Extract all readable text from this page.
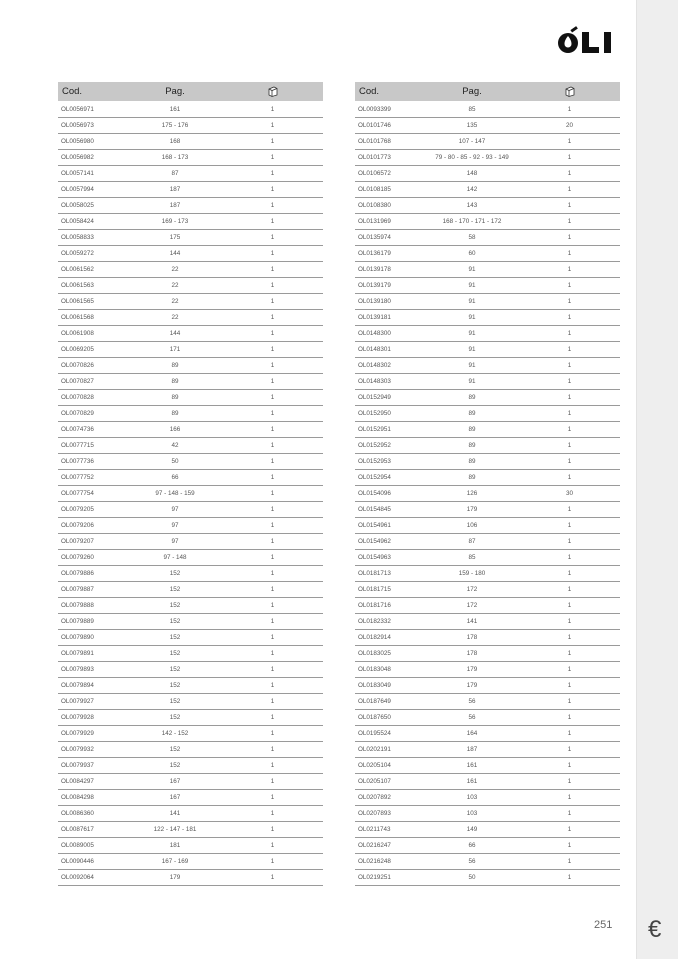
€
Cod.	Pag.	
OL0056971	161	1
OL0056973	175 - 176	1
OL0056980	168	1
OL0056982	168 - 173	1
OL0057141	87	1
OL0057994	187	1
OL0058025	187	1
OL0058424	169 - 173	1
OL0058833	175	1
OL0059272	144	1
OL0061562	22	1
OL0061563	22	1
OL0061565	22	1
OL0061568	22	1
OL0061908	144	1
OL0069205	171	1
OL0070826	89	1
OL0070827	89	1
OL0070828	89	1
OL0070829	89	1
OL0074736	166	1
OL0077715	42	1
OL0077736	50	1
OL0077752	66	1
OL0077754	97 - 148 - 159	1
OL0079205	97	1
OL0079206	97	1
OL0079207	97	1
OL0079260	97 - 148	1
OL0079886	152	1
OL0079887	152	1
OL0079888	152	1
OL0079889	152	1
OL0079890	152	1
OL0079891	152	1
OL0079893	152	1
OL0079894	152	1
OL0079927	152	1
OL0079928	152	1
OL0079929	142 - 152	1
OL0079932	152	1
OL0079937	152	1
OL0084297	167	1
OL0084298	167	1
OL0086360	141	1
OL0087617	122 - 147 - 181	1
OL0089005	181	1
OL0090446	167 - 169	1
OL0092064	179	1
Cod.	Pag.	
OL0093399	85	1
OL0101746	135	20
OL0101768	107 - 147	1
OL0101773	79 - 80 - 85 - 92 - 93 - 149	1
OL0106572	148	1
OL0108185	142	1
OL0108380	143	1
OL0131969	168 - 170 - 171 - 172	1
OL0135974	58	1
OL0136179	60	1
OL0139178	91	1
OL0139179	91	1
OL0139180	91	1
OL0139181	91	1
OL0148300	91	1
OL0148301	91	1
OL0148302	91	1
OL0148303	91	1
OL0152949	89	1
OL0152950	89	1
OL0152951	89	1
OL0152952	89	1
OL0152953	89	1
OL0152954	89	1
OL0154096	126	30
OL0154845	179	1
OL0154961	106	1
OL0154962	87	1
OL0154963	85	1
OL0181713	159 - 180	1
OL0181715	172	1
OL0181716	172	1
OL0182332	141	1
OL0182914	178	1
OL0183025	178	1
OL0183048	179	1
OL0183049	179	1
OL0187649	56	1
OL0187650	56	1
OL0195524	164	1
OL0202191	187	1
OL0205104	161	1
OL0205107	161	1
OL0207892	103	1
OL0207893	103	1
OL0211743	149	1
OL0216247	66	1
OL0216248	56	1
OL0219251	50	1
251
